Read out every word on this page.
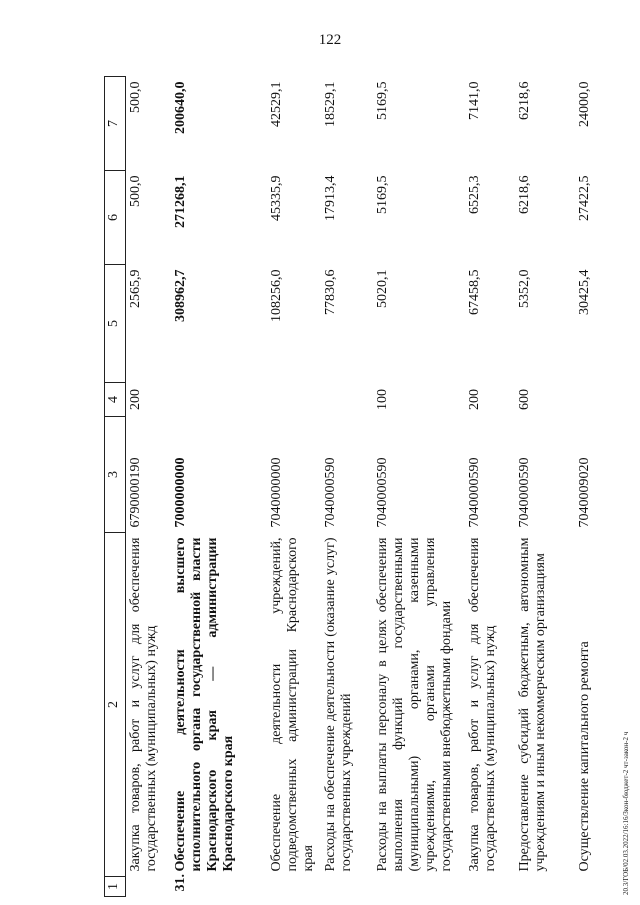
122
20.3/ГОБ/02.03.2022/16:16/Зкон-бюджет-2 чт-закон-2 ч
1	2	3	4	5	6	7
	Закупка товаров, работ и услуг для обеспечения государственных (муниципальных) нужд	6790000190	200	2565,9	500,0	500,0
31.	Обеспечение деятельности высшего исполнительного органа государственной власти Краснодарского края — администрации Краснодарского края	7000000000		308962,7	271268,1	200640,0
	Обеспечение деятельности учреждений, подведомственных администрации Краснодарского края	7040000000		108256,0	45335,9	42529,1
	Расходы на обеспечение деятельности (оказание услуг) государственных учреждений	7040000590		77830,6	17913,4	18529,1
	Расходы на выплаты персоналу в целях обеспечения выполнения функций государственными (муниципальными) органами, казенными учреждениями, органами управления государственными внебюджетными фондами	7040000590	100	5020,1	5169,5	5169,5
	Закупка товаров, работ и услуг для обеспечения государственных (муниципальных) нужд	7040000590	200	67458,5	6525,3	7141,0
	Предоставление субсидий бюджетным, автономным учреждениям и иным некоммерческим организациям	7040000590	600	5352,0	6218,6	6218,6
	Осуществление капитального ремонта	7040009020		30425,4	27422,5	24000,0
